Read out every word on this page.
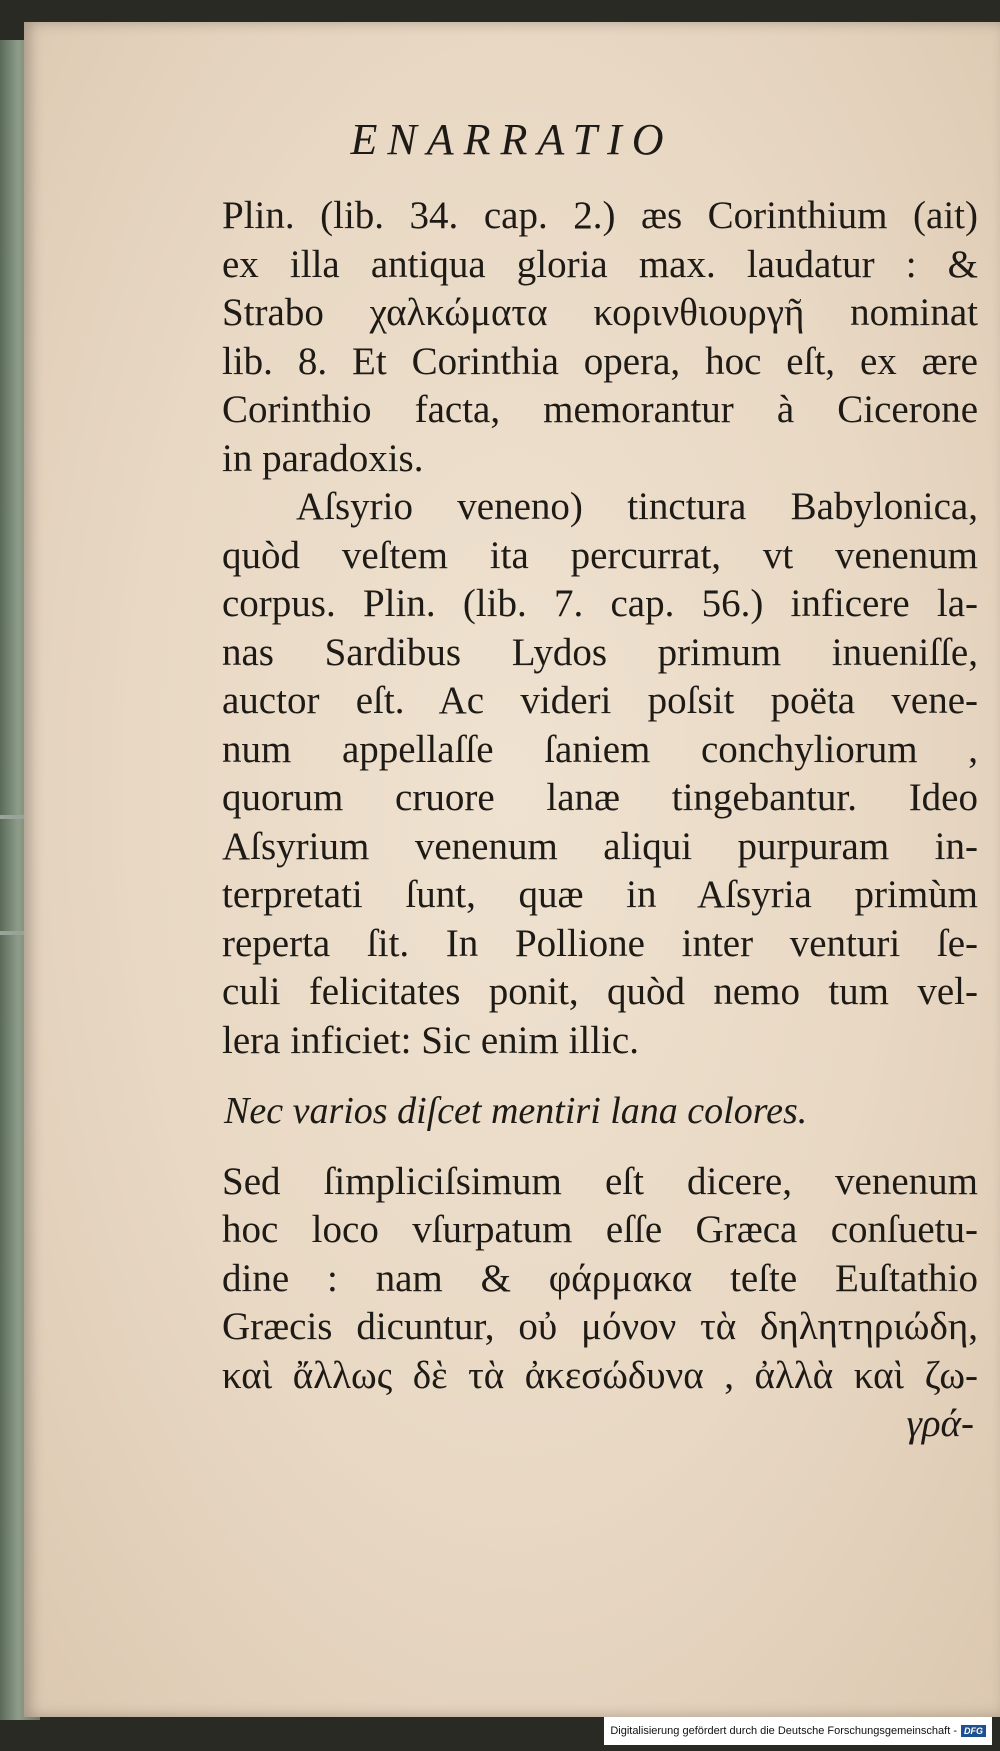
ENARRATIO
Plin. (lib. 34. cap. 2.) æs Corinthium (ait)
ex illa antiqua gloria max. laudatur : &
Strabo χαλκώματα κορινθιουργῆ nominat
lib. 8. Et Corinthia opera, hoc eſt, ex ære
Corinthio facta, memorantur à Cicerone
in paradoxis.
Aſsyrio veneno) tinctura Babylonica,
quòd veſtem ita percurrat, vt venenum
corpus. Plin. (lib. 7. cap. 56.) inficere la-
nas Sardibus Lydos primum inueniſſe,
auctor eſt. Ac videri poſsit poëta vene-
num appellaſſe ſaniem conchyliorum ,
quorum cruore lanæ tingebantur. Ideo
Aſsyrium venenum aliqui purpuram in-
terpretati ſunt, quæ in Aſsyria primùm
reperta ſit. In Pollione inter venturi ſe-
culi felicitates ponit, quòd nemo tum vel-
lera inficiet: Sic enim illic.
Nec varios diſcet mentiri lana colores.
Sed ſimpliciſsimum eſt dicere, venenum
hoc loco vſurpatum eſſe Græca conſuetu-
dine : nam & φάρμακα teſte Euſtathio
Græcis dicuntur, οὐ μόνον τὰ δηλητηριώδη,
καὶ ἄλλως δὲ τὰ ἀκεσώδυνα , ἀλλὰ καὶ ζω-
γρά-
Digitalisierung gefördert durch die Deutsche Forschungsgemeinschaft - DFG
